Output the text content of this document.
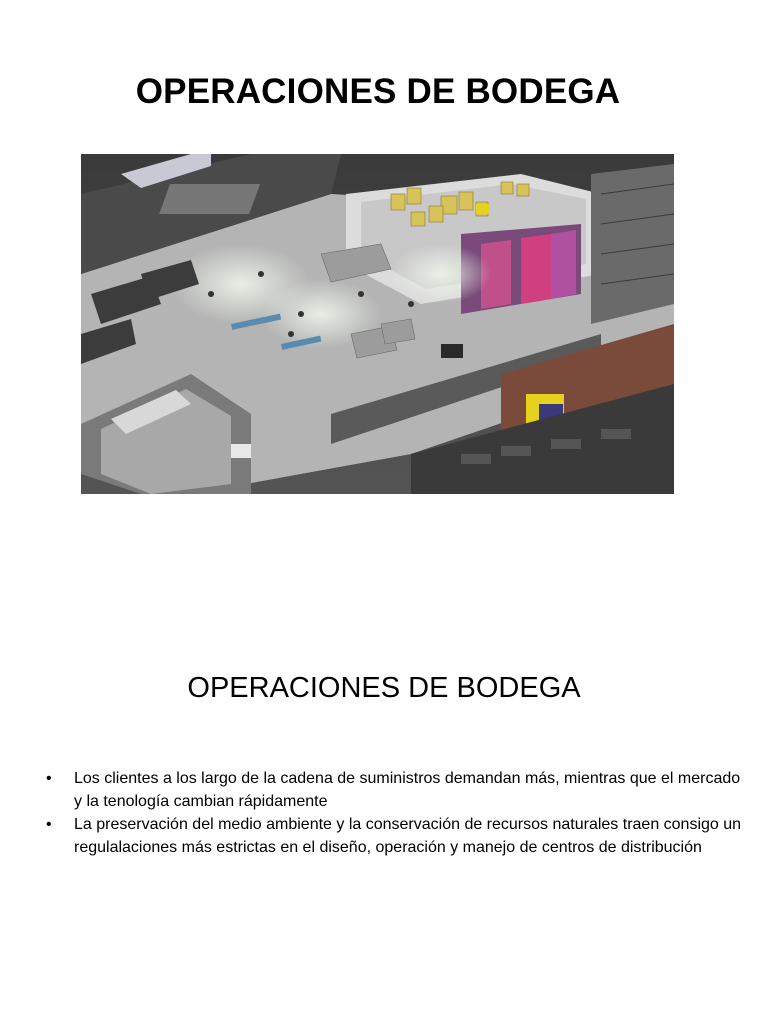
OPERACIONES DE BODEGA
OPERACIONES DE BODEGA
• Los clientes a los largo de la cadena de suministros demandan más, mientras que el mercado y la tenología cambian rápidamente
• La preservación del medio ambiente y la conservación de recursos naturales traen consigo un regulalaciones más estrictas en el diseño, operación y manejo de centros de distribución
